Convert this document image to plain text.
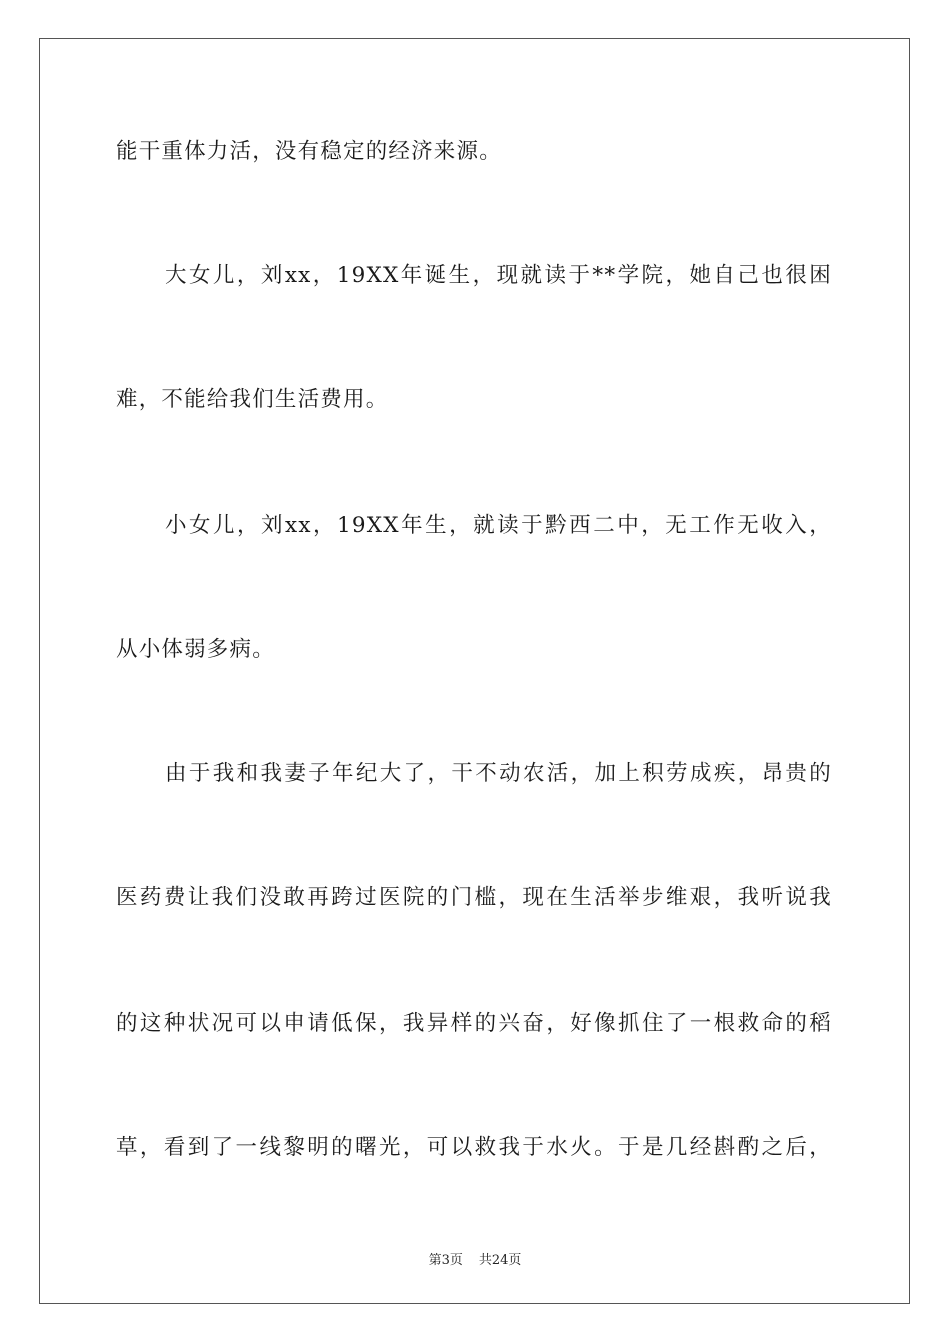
能干重体力活，没有稳定的经济来源。
大女儿，刘xx，19XX年诞生，现就读于**学院，她自己也很困
难，不能给我们生活费用。
小女儿，刘xx，19XX年生，就读于黔西二中，无工作无收入，
从小体弱多病。
由于我和我妻子年纪大了，干不动农活，加上积劳成疾，昂贵的
医药费让我们没敢再跨过医院的门槛，现在生活举步维艰，我听说我
的这种状况可以申请低保，我异样的兴奋，好像抓住了一根救命的稻
草，看到了一线黎明的曙光，可以救我于水火。于是几经斟酌之后，
第3页 共24页
